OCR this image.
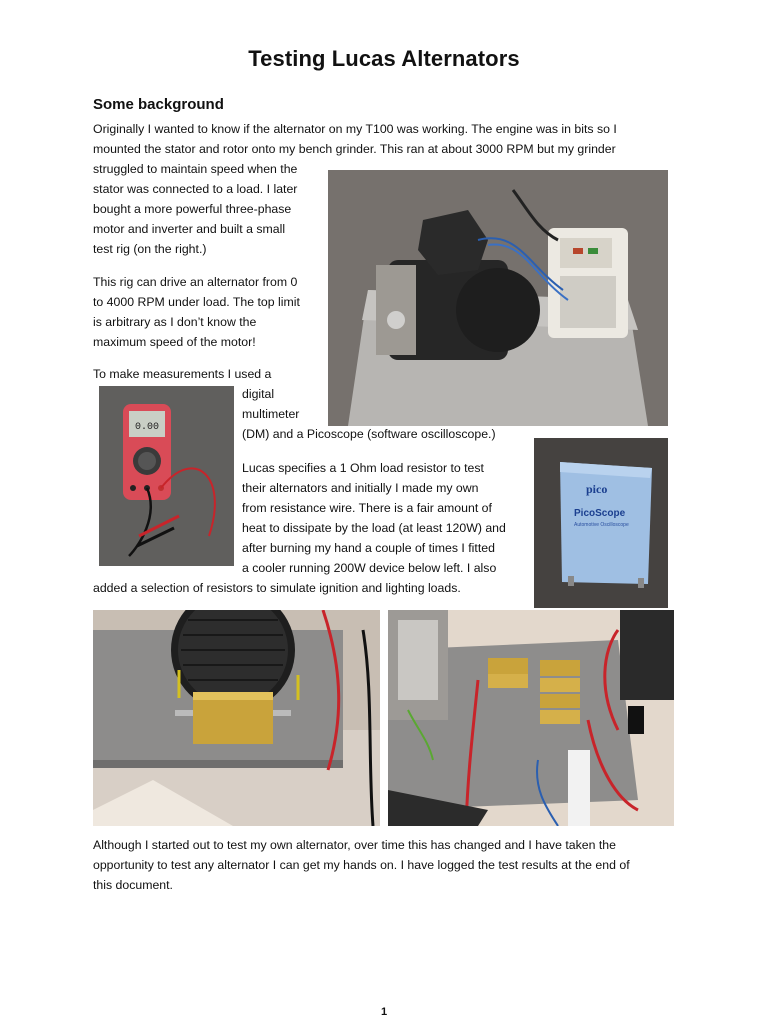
Testing Lucas Alternators
Some background
Originally I wanted to know if the alternator on my T100 was working. The engine was in bits so I
mounted the stator and rotor onto my bench grinder. This ran at about 3000 RPM but my grinder
struggled to maintain speed when the
stator was connected to a load. I later
bought a more powerful three-phase
motor and inverter and built a small
test rig (on the right.)
This rig can drive an alternator from 0
to 4000 RPM under load. The top limit
is arbitrary as I don’t know the
maximum speed of the motor!
To make measurements I used a
digital
multimeter
(DM) and a Picoscope (software oscilloscope.)
Lucas specifies a 1 Ohm load resistor to test
their alternators and initially I made my own
from resistance wire. There is a fair amount of
heat to dissipate by the load (at least 120W) and
after burning my hand a couple of times I fitted
a cooler running 200W device below left. I also
added a selection of resistors to simulate ignition and lighting loads.
Although I started out to test my own alternator, over time this has changed and I have taken the
opportunity to test any alternator I can get my hands on. I have logged the test results at the end of
this document.
0.00
pico
PicoScope
Automotive Oscilloscope
1
